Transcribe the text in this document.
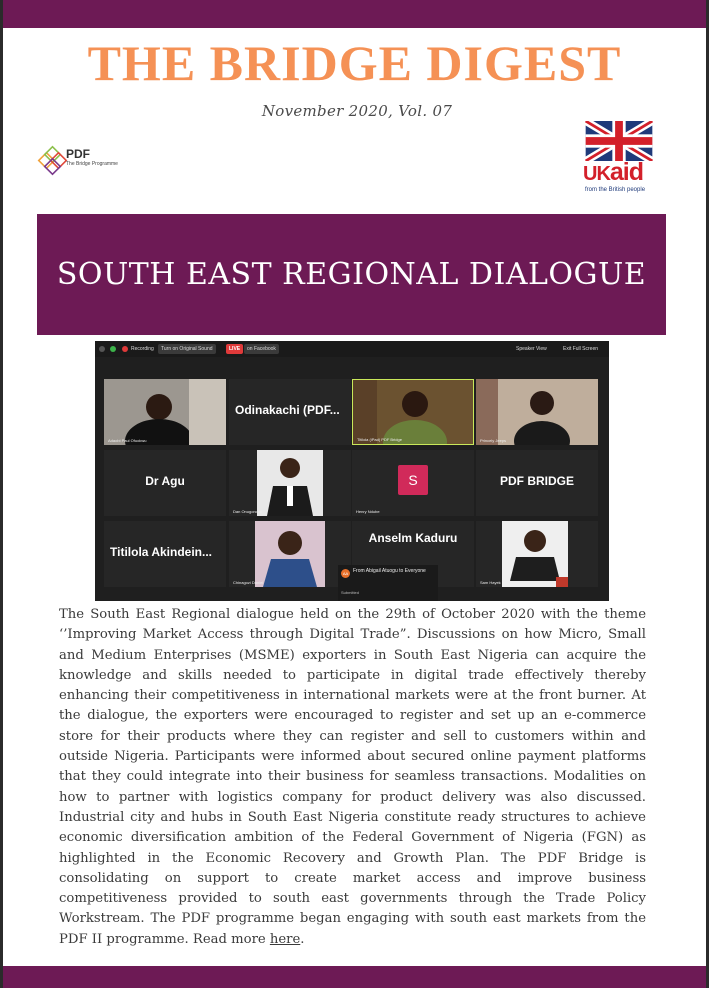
THE BRIDGE DIGEST
November 2020, Vol. 07
PDF
The Bridge Programme	UKaid
from the British people
SOUTH EAST REGIONAL DIALOGUE
Recording	Turn on Original Sound	LIVE	on Facebook	Speaker View	Exit Full Screen
Adaobi Paul Ofuokwu
Odinakachi (PDF...
Titilola (iPad) PDF Bridge	Princely Jeeps
Dr Agu
Dan Onugononu
S
Henry Ndube
PDF BRIDGE
Titilola Akindein...
Chinagozi Daniel
Anselm Kaduru
Sam Hayek
AA From Abigail Atuogu to Everyone
Submitted
The South East Regional dialogue held on the 29th of October 2020 with the theme ‘’Improving Market Access through Digital Trade”. Discussions on how Micro, Small and Medium Enterprises (MSME) exporters in South East Nigeria can acquire the knowledge and skills needed to participate in digital trade effectively thereby enhancing their competitiveness in international markets were at the front burner. At the dialogue, the exporters were encouraged to register and set up an e-commerce store for their products where they can register and sell to customers within and outside Nigeria. Participants were informed about secured online payment platforms that they could integrate into their business for seamless transactions. Modalities on how to partner with logistics company for product delivery was also discussed. Industrial city and hubs in South East Nigeria constitute ready structures to achieve economic diversification ambition of the Federal Government of Nigeria (FGN) as highlighted in the Economic Recovery and Growth Plan. The PDF Bridge is consolidating on support to create market access and improve business competitiveness provided to south east governments through the Trade Policy Workstream. The PDF programme began engaging with south east markets from the PDF II programme. Read more here.
